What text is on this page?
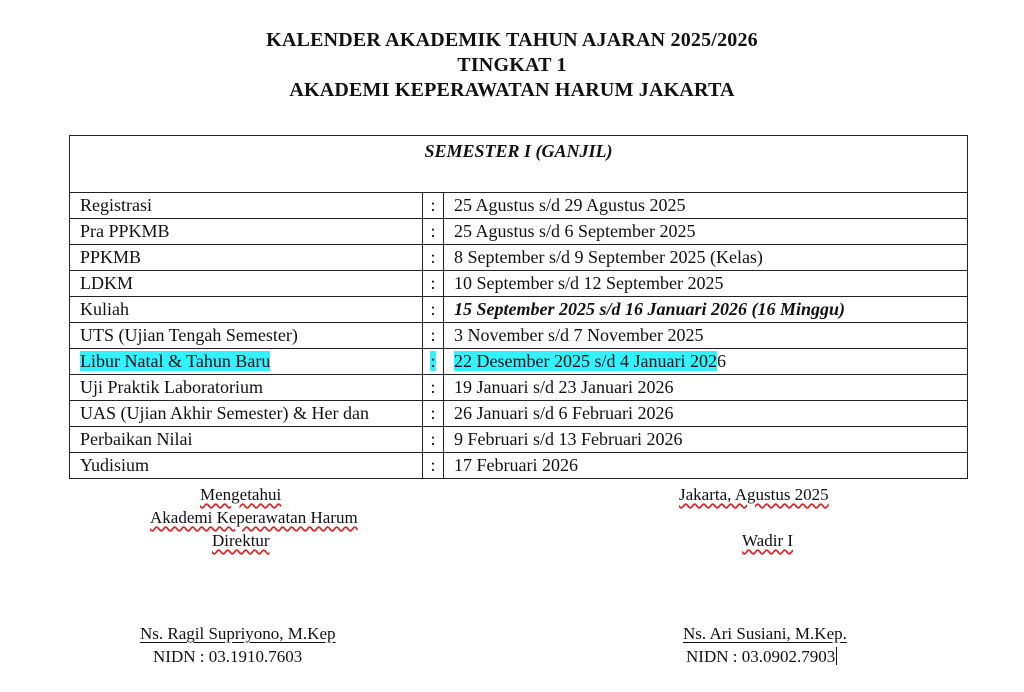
KALENDER AKADEMIK TAHUN AJARAN 2025/2026
TINGKAT 1
AKADEMI KEPERAWATAN HARUM JAKARTA
SEMESTER I (GANJIL)		
Registrasi	:	25 Agustus s/d 29 Agustus 2025
Pra PPKMB	:	25 Agustus s/d 6 September 2025
PPKMB	:	8 September s/d 9 September 2025 (Kelas)
LDKM	:	10 September s/d 12 September 2025
Kuliah	:	15 September 2025 s/d 16 Januari 2026 (16 Minggu)
UTS (Ujian Tengah Semester)	:	3 November s/d 7 November 2025
Libur Natal & Tahun Baru	:	22 Desember 2025 s/d 4 Januari 2026
Uji Praktik Laboratorium	:	19 Januari s/d 23 Januari 2026
UAS (Ujian Akhir Semester) & Her dan	:	26 Januari s/d 6 Februari 2026
Perbaikan Nilai	:	9 Februari s/d 13 Februari 2026
Yudisium	:	17 Februari 2026
Mengetahui
Akademi Keperawatan Harum
Direktur
Ns. Ragil Supriyono, M.Kep
NIDN : 03.1910.7603
Jakarta, Agustus 2025
Wadir I
Ns. Ari Susiani, M.Kep.
NIDN : 03.0902.7903
